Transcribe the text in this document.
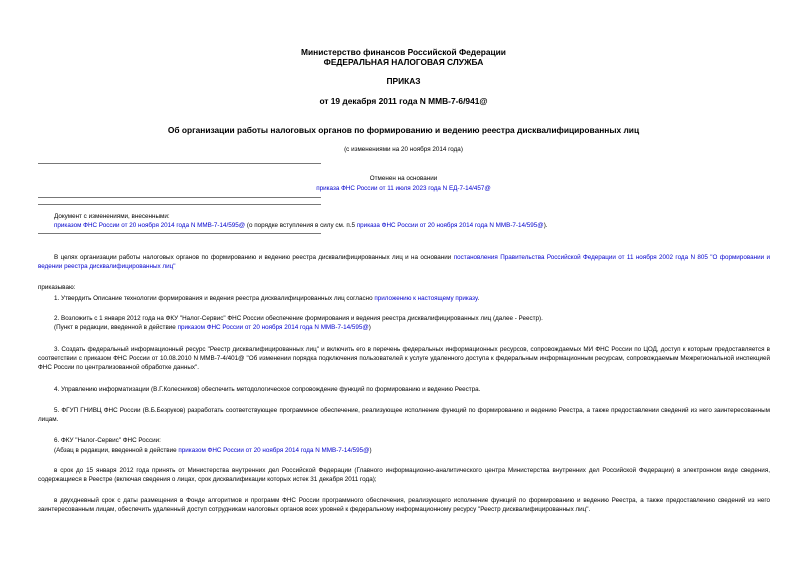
Министерство финансов Российской Федерации
ФЕДЕРАЛЬНАЯ НАЛОГОВАЯ СЛУЖБА
ПРИКАЗ
от 19 декабря 2011 года N ММВ-7-6/941@
Об организации работы налоговых органов по формированию и ведению реестра дисквалифицированных лиц
(с изменениями на 20 ноября 2014 года)
Отменен на основании
приказа ФНС России от 11 июля 2023 года N ЕД-7-14/457@
Документ с изменениями, внесенными:
приказом ФНС России от 20 ноября 2014 года N ММВ-7-14/595@ (о порядке вступления в силу см. п.5 приказа ФНС России от 20 ноября 2014 года N ММВ-7-14/595@).
В целях организации работы налоговых органов по формированию и ведению реестра дисквалифицированных лиц и на основании постановления Правительства Российской Федерации от 11 ноября 2002 года N 805 "О формировании и ведении реестра дисквалифицированных лиц"
приказываю:
1. Утвердить Описание технологии формирования и ведения реестра дисквалифицированных лиц согласно приложению к настоящему приказу.
2. Возложить с 1 января 2012 года на ФКУ "Налог-Сервис" ФНС России обеспечение формирования и ведения реестра дисквалифицированных лиц (далее - Реестр).
(Пункт в редакции, введенной в действие приказом ФНС России от 20 ноября 2014 года N ММВ-7-14/595@)
3. Создать федеральный информационный ресурс "Реестр дисквалифицированных лиц" и включить его в перечень федеральных информационных ресурсов, сопровождаемых МИ ФНС России по ЦОД, доступ к которым предоставляется в соответствии с приказом ФНС России от 10.08.2010 N ММВ-7-4/401@ "Об изменении порядка подключения пользователей к услуге удаленного доступа к федеральным информационным ресурсам, сопровождаемым Межрегиональной инспекцией ФНС России по централизованной обработке данных".
4. Управлению информатизации (В.Г.Колесников) обеспечить методологическое сопровождение функций по формированию и ведению Реестра.
5. ФГУП ГНИВЦ ФНС России (В.Б.Безруков) разработать соответствующее программное обеспечение, реализующее исполнение функций по формированию и ведению Реестра, а также предоставлении сведений из него заинтересованным лицам.
6. ФКУ "Налог-Сервис" ФНС России:
(Абзац в редакции, введенной в действие приказом ФНС России от 20 ноября 2014 года N ММВ-7-14/595@)
в срок до 15 января 2012 года принять от Министерства внутренних дел Российской Федерации (Главного информационно-аналитического центра Министерства внутренних дел Российской Федерации) в электронном виде сведения, содержащиеся в Реестре (включая сведения о лицах, срок дисквалификации которых истек 31 декабря 2011 года);
в двухдневный срок с даты размещения в Фонде алгоритмов и программ ФНС России программного обеспечения, реализующего исполнение функций по формированию и ведению Реестра, а также предоставлению сведений из него заинтересованным лицам, обеспечить удаленный доступ сотрудникам налоговых органов всех уровней к федеральному информационному ресурсу "Реестр дисквалифицированных лиц".
